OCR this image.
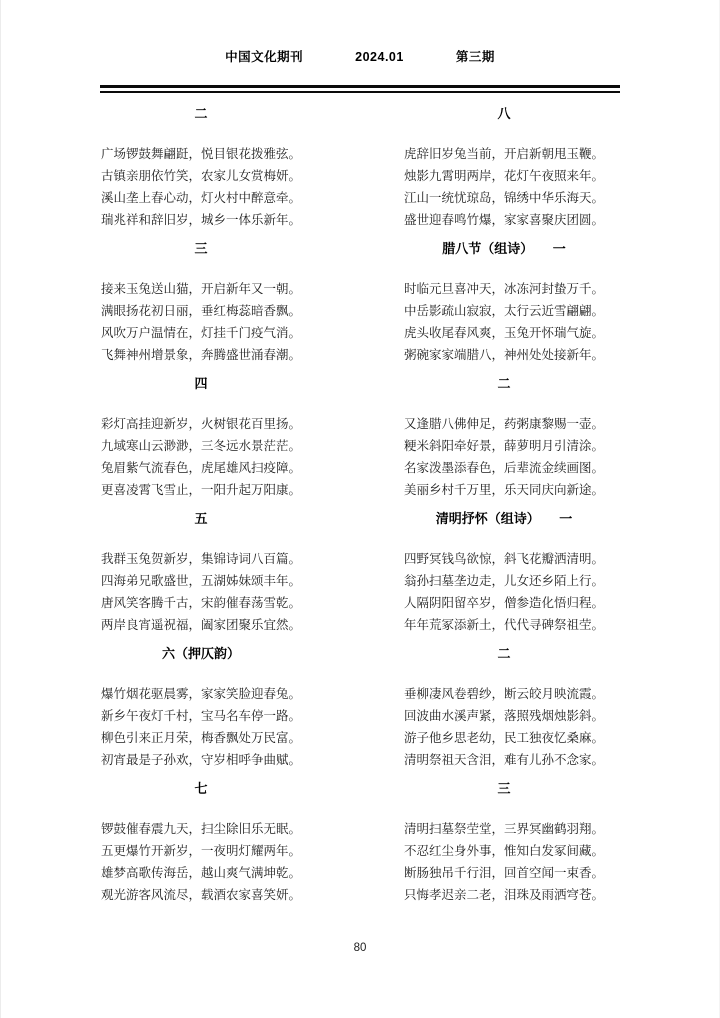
中国文化期刊	2024.01	第三期
二

广场锣鼓舞翩跹，悦目银花拨雅弦。

古镇亲朋依竹笑，农家儿女赏梅妍。

溪山垄上春心动，灯火村中醉意牵。

瑞兆祥和辞旧岁，城乡一体乐新年。

三

接来玉兔送山猫，开启新年又一朝。

满眼扬花初日丽，垂红梅蕊暗香飘。

风吹万户温情在，灯挂千门疫气消。

飞舞神州增景象，奔腾盛世涌春潮。

四

彩灯高挂迎新岁，火树银花百里扬。

九域寒山云渺渺，三冬远水景茫茫。

兔眉紫气流春色，虎尾雄风扫疫障。

更喜凌霄飞雪止，一阳升起万阳康。

五

我群玉兔贺新岁，集锦诗词八百篇。

四海弟兄歌盛世，五湖姊妹颂丰年。

唐风笑客腾千古，宋韵催春荡雪乾。

两岸良宵遥祝福，阖家团聚乐宜然。

六（押仄韵）

爆竹烟花驱晨雾，家家笑脸迎春兔。

新乡午夜灯千村，宝马名车停一路。

柳色引来正月荣，梅香飘处万民富。

初宵最是子孙欢，守岁相呼争曲赋。

七

锣鼓催春震九天，扫尘除旧乐无眠。

五更爆竹开新岁，一夜明灯耀两年。

雄梦高歌传海岳，越山爽气满坤乾。

观光游客风流尽，载酒农家喜笑妍。

八

虎辞旧岁兔当前，开启新朝甩玉鞭。

烛影九霄明两岸，花灯午夜照来年。

江山一统忧琼岛，锦绣中华乐海天。

盛世迎春鸣竹爆，家家喜聚庆团圆。

腊八节（组诗）　　一

时临元旦喜冲天，冰冻河封蛰万千。

中岳影疏山寂寂，太行云近雪翩翩。

虎头收尾春风爽，玉兔开怀瑞气旋。

粥碗家家端腊八，神州处处接新年。

二

又逢腊八佛伸足，药粥康黎赐一壶。

粳米斜阳牵好景，薛萝明月引清涂。

名家泼墨添春色，后辈流金续画图。

美丽乡村千万里，乐天同庆向新途。

清明抒怀（组诗）　　一

四野冥钱鸟欲惊，斜飞花瓣洒清明。

翁孙扫墓垄边走，儿女还乡陌上行。

人隔阴阳留卒岁，僧参造化悟归程。

年年荒冢添新土，代代寻碑祭祖茔。

二

垂柳凄风卷碧纱，断云皎月映流霞。

回波曲水溪声紧，落照残烟烛影斜。

游子他乡思老幼，民工独夜忆桑麻。

清明祭祖天含泪，难有儿孙不念家。

三

清明扫墓祭茔堂，三界冥幽鹤羽翔。

不忍红尘身外事，惟知白发冢间藏。

断肠独吊千行泪，回首空闻一束香。

只悔孝迟亲二老，泪珠及雨洒穹苍。

80
